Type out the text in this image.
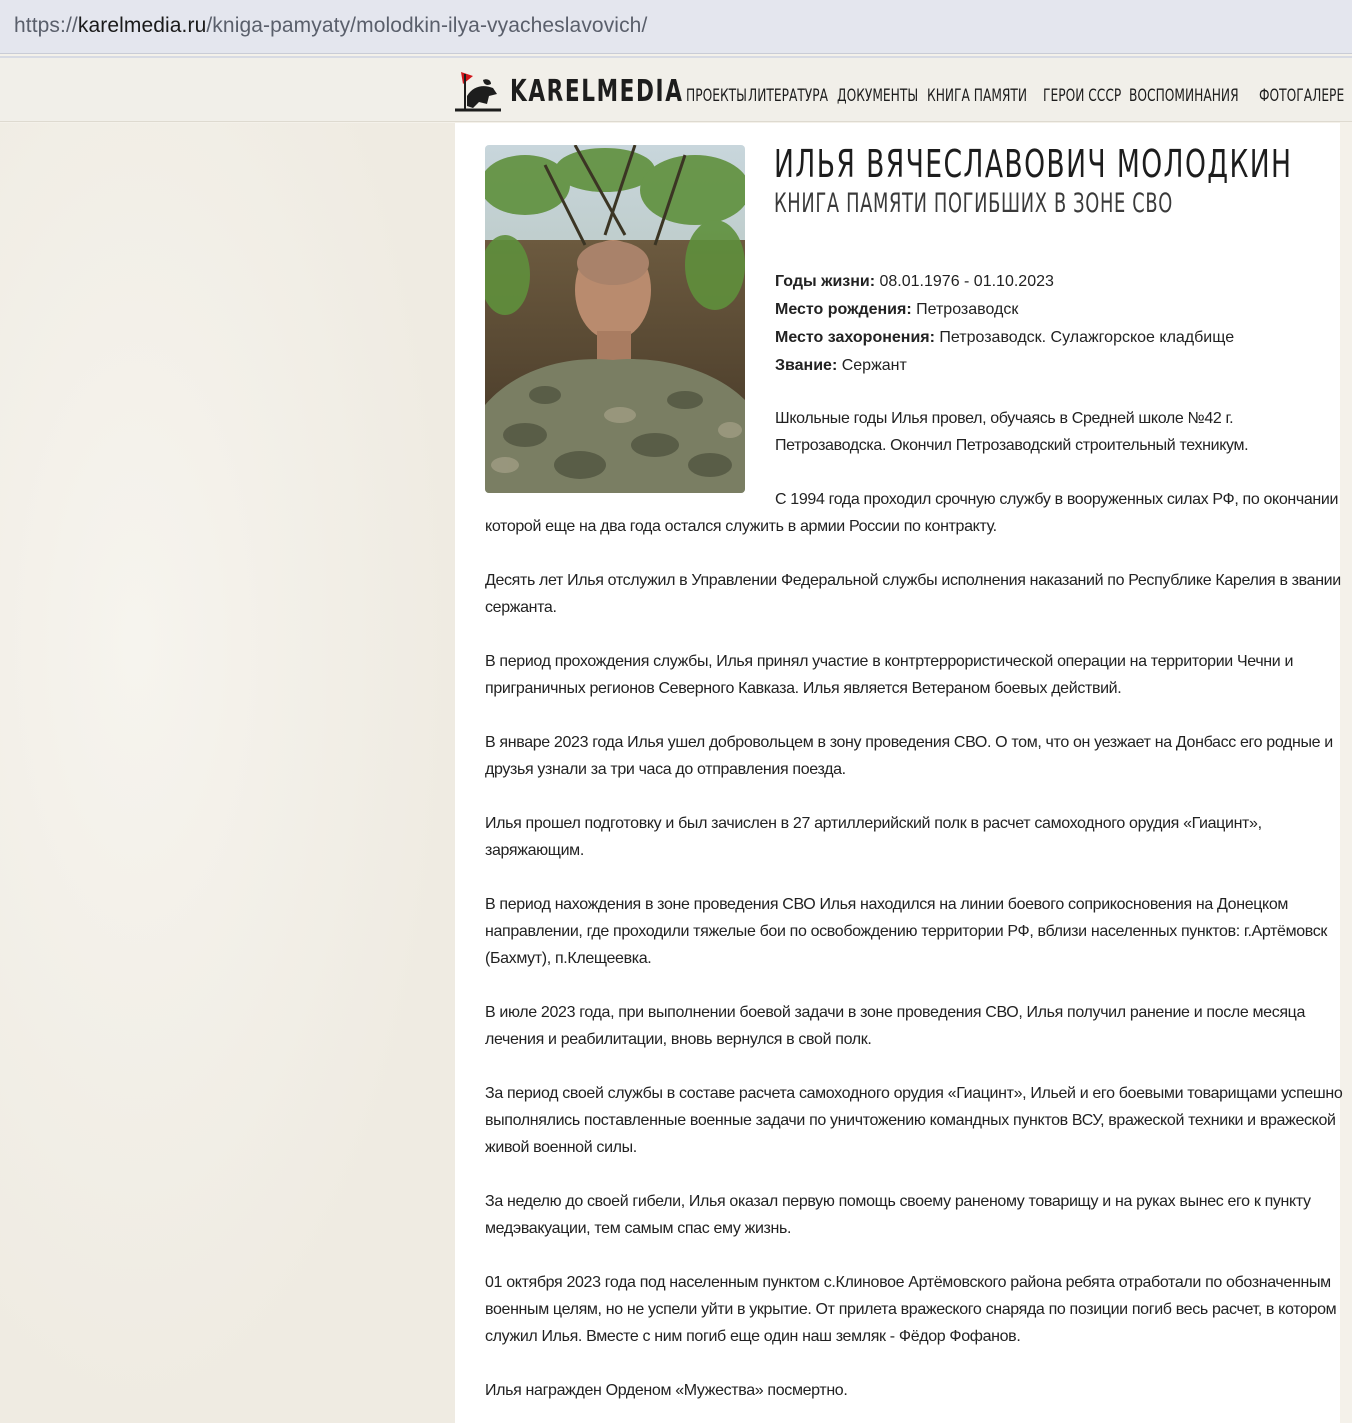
https://karelmedia.ru/kniga-pamyaty/molodkin-ilya-vyacheslavovich/
KARELMEDIA ПРОЕКТЫ ЛИТЕРАТУРА ДОКУМЕНТЫ КНИГА ПАМЯТИ ГЕРОИ СССР ВОСПОМИНАНИЯ ФОТОГАЛЕРЕ
ИЛЬЯ ВЯЧЕСЛАВОВИЧ МОЛОДКИН
КНИГА ПАМЯТИ ПОГИБШИХ В ЗОНЕ СВО
Годы жизни: 08.01.1976 - 01.10.2023
Место рождения: Петрозаводск
Место захоронения: Петрозаводск. Сулажгорское кладбище
Звание: Сержант
Школьные годы Илья провел, обучаясь в Средней школе №42 г.
Петрозаводска. Окончил Петрозаводский строительный техникум.
С 1994 года проходил срочную службу в вооруженных силах РФ, по окончании
которой еще на два года остался служить в армии России по контракту.
Десять лет Илья отслужил в Управлении Федеральной службы исполнения наказаний по Республике Карелия в звании
сержанта.
В период прохождения службы, Илья принял участие в контртеррористической операции на территории Чечни и
приграничных регионов Северного Кавказа. Илья является Ветераном боевых действий.
В январе 2023 года Илья ушел добровольцем в зону проведения СВО. О том, что он уезжает на Донбасс его родные и
друзья узнали за три часа до отправления поезда.
Илья прошел подготовку и был зачислен в 27 артиллерийский полк в расчет самоходного орудия «Гиацинт»,
заряжающим.
В период нахождения в зоне проведения СВО Илья находился на линии боевого соприкосновения на Донецком
направлении, где проходили тяжелые бои по освобождению территории РФ, вблизи населенных пунктов: г.Артёмовск
(Бахмут), п.Клещеевка.
В июле 2023 года, при выполнении боевой задачи в зоне проведения СВО, Илья получил ранение и после месяца
лечения и реабилитации, вновь вернулся в свой полк.
За период своей службы в составе расчета самоходного орудия «Гиацинт», Ильей и его боевыми товарищами успешно
выполнялись поставленные военные задачи по уничтожению командных пунктов ВСУ, вражеской техники и вражеской
живой военной силы.
За неделю до своей гибели, Илья оказал первую помощь своему раненому товарищу и на руках вынес его к пункту
медэвакуации, тем самым спас ему жизнь.
01 октября 2023 года под населенным пунктом с.Клиновое Артёмовского района ребята отработали по обозначенным
военным целям, но не успели уйти в укрытие. От прилета вражеского снаряда по позиции погиб весь расчет, в котором
служил Илья. Вместе с ним погиб еще один наш земляк - Фёдор Фофанов.
Илья награжден Орденом «Мужества» посмертно.
